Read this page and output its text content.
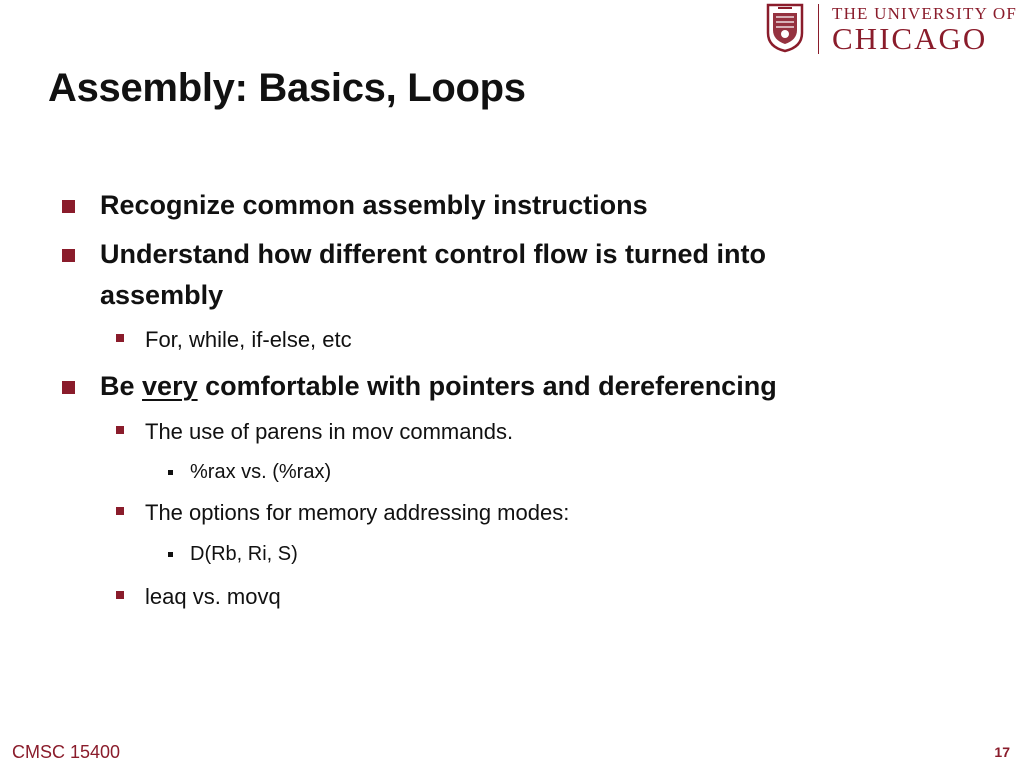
THE UNIVERSITY OF
CHICAGO
Assembly: Basics, Loops
Recognize common assembly instructions
Understand how different control flow is turned into
assembly
For, while, if-else, etc
Be very comfortable with pointers and dereferencing
The use of parens in mov commands.
%rax vs. (%rax)
The options for memory addressing modes:
D(Rb, Ri, S)
leaq vs. movq
CMSC 15400	17
